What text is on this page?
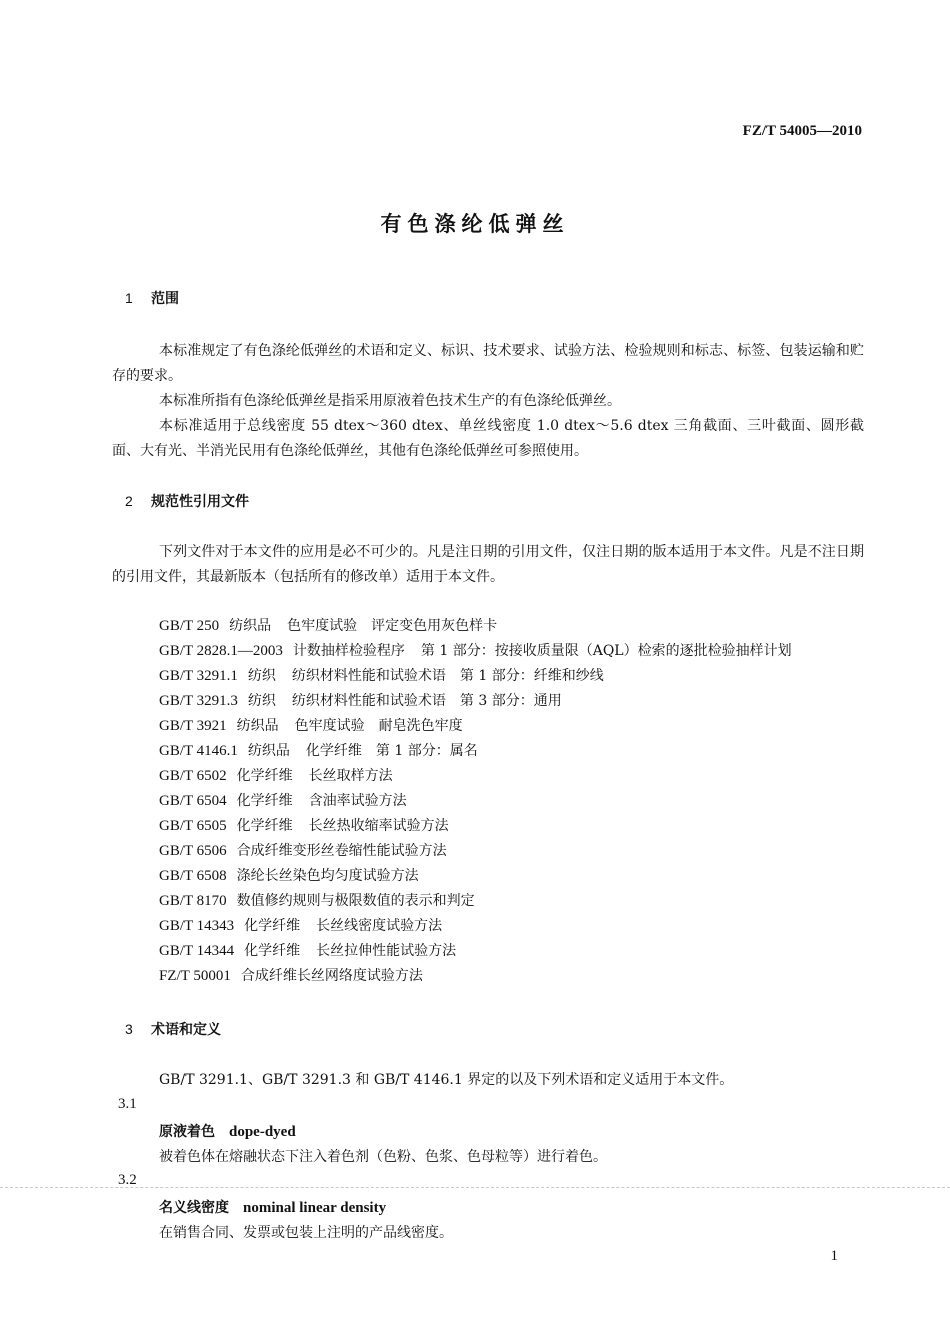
FZ/T 54005—2010
有色涤纶低弹丝
1 范围
本标准规定了有色涤纶低弹丝的术语和定义、标识、技术要求、试验方法、检验规则和标志、标签、包装运输和贮存的要求。
本标准所指有色涤纶低弹丝是指采用原液着色技术生产的有色涤纶低弹丝。
本标准适用于总线密度 55 dtex～360 dtex、单丝线密度 1.0 dtex～5.6 dtex 三角截面、三叶截面、圆形截面、大有光、半消光民用有色涤纶低弹丝，其他有色涤纶低弹丝可参照使用。
2 规范性引用文件
下列文件对于本文件的应用是必不可少的。凡是注日期的引用文件，仅注日期的版本适用于本文件。凡是不注日期的引用文件，其最新版本（包括所有的修改单）适用于本文件。
GB/T 250 纺织品 色牢度试验　评定变色用灰色样卡
GB/T 2828.1—2003 计数抽样检验程序 第 1 部分：按接收质量限（AQL）检索的逐批检验抽样计划
GB/T 3291.1 纺织 纺织材料性能和试验术语　第 1 部分：纤维和纱线
GB/T 3291.3 纺织 纺织材料性能和试验术语　第 3 部分：通用
GB/T 3921 纺织品 色牢度试验　耐皂洗色牢度
GB/T 4146.1 纺织品 化学纤维　第 1 部分：属名
GB/T 6502 化学纤维 长丝取样方法
GB/T 6504 化学纤维 含油率试验方法
GB/T 6505 化学纤维 长丝热收缩率试验方法
GB/T 6506 合成纤维变形丝卷缩性能试验方法
GB/T 6508 涤纶长丝染色均匀度试验方法
GB/T 8170 数值修约规则与极限数值的表示和判定
GB/T 14343 化学纤维 长丝线密度试验方法
GB/T 14344 化学纤维 长丝拉伸性能试验方法
FZ/T 50001 合成纤维长丝网络度试验方法
3 术语和定义
GB/T 3291.1、GB/T 3291.3 和 GB/T 4146.1 界定的以及下列术语和定义适用于本文件。
3.1
原液着色 dope-dyed
被着色体在熔融状态下注入着色剂（色粉、色浆、色母粒等）进行着色。
3.2
名义线密度 nominal linear density
在销售合同、发票或包装上注明的产品线密度。
1
